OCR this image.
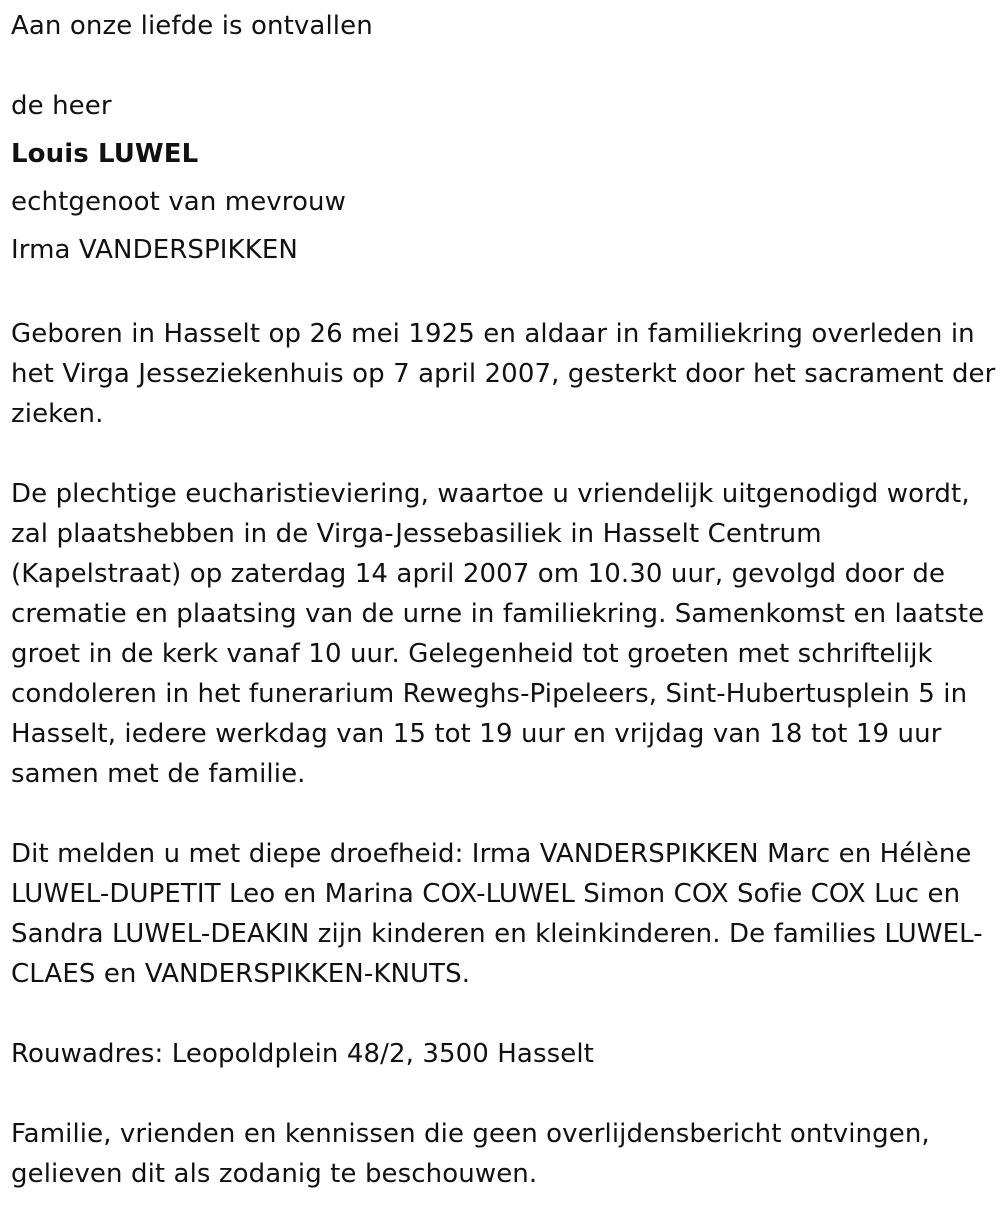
Aan onze liefde is ontvallen

de heer

Louis LUWEL

echtgenoot van mevrouw

Irma VANDERSPIKKEN

Geboren in Hasselt op 26 mei 1925 en aldaar in familiekring overleden in het Virga Jesseziekenhuis op 7 april 2007, gesterkt door het sacrament der zieken.

De plechtige eucharistieviering, waartoe u vriendelijk uitgenodigd wordt, zal plaatshebben in de Virga-Jessebasiliek in Hasselt Centrum (Kapelstraat) op zaterdag 14 april 2007 om 10.30 uur, gevolgd door de crematie en plaatsing van de urne in familiekring. Samenkomst en laatste groet in de kerk vanaf 10 uur. Gelegenheid tot groeten met schriftelijk condoleren in het funerarium Reweghs-Pipeleers, Sint-Hubertusplein 5 in Hasselt, iedere werkdag van 15 tot 19 uur en vrijdag van 18 tot 19 uur samen met de familie.

Dit melden u met diepe droefheid: Irma VANDERSPIKKEN Marc en Hélène LUWEL-DUPETIT Leo en Marina COX-LUWEL Simon COX Sofie COX Luc en Sandra LUWEL-DEAKIN zijn kinderen en kleinkinderen. De families LUWEL-CLAES en VANDERSPIKKEN-KNUTS.

Rouwadres: Leopoldplein 48/2, 3500 Hasselt

Familie, vrienden en kennissen die geen overlijdensbericht ontvingen, gelieven dit als zodanig te beschouwen.
